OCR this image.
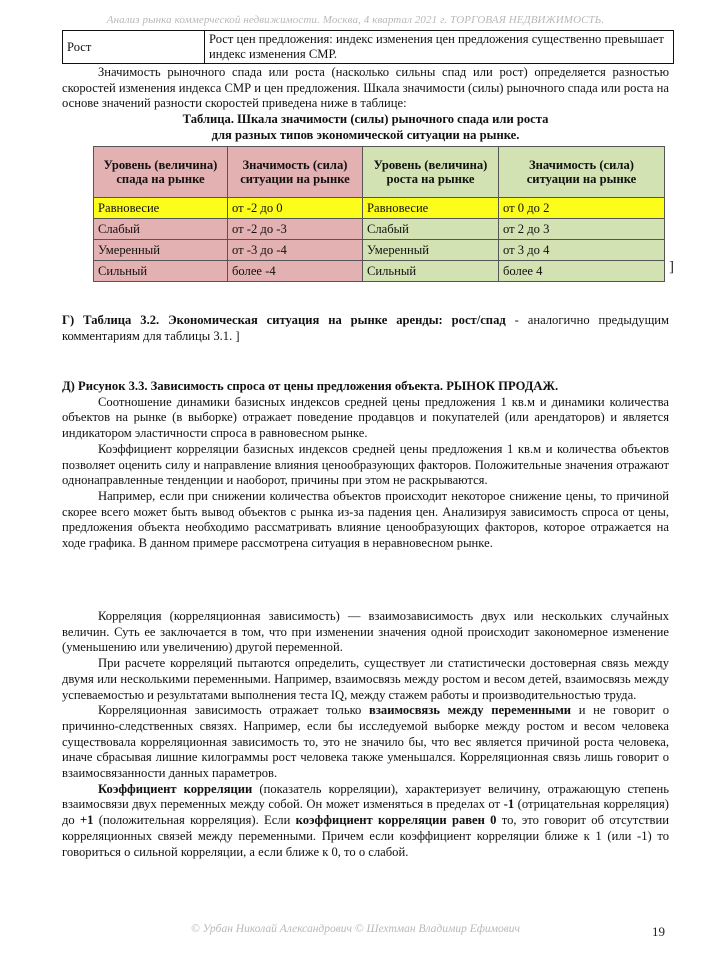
Анализ рынка коммерческой недвижимости. Москва, 4 квартал 2021 г. ТОРГОВАЯ НЕДВИЖИМОСТЬ.
Рост	Рост цен предложения: индекс изменения цен предложения существенно превышает индекс изменения СМР.

Значимость рыночного спада или роста (насколько сильны спад или рост) определяется разностью скоростей изменения индекса СМР и цен предложения. Шкала значимости (силы) рыночного спада или роста на основе значений разности скоростей приведена ниже в таблице:

Таблица. Шкала значимости (силы) рыночного спада или роста

для разных типов экономической ситуации на рынке.

Уровень (величина) спада на рынке	Значимость (сила) ситуации на рынке	Уровень (величина) роста на рынке	Значимость (сила) ситуации на рынке
Равновесие	от -2 до 0	Равновесие	от 0 до 2
Слабый	от -2 до -3	Слабый	от 2 до 3
Умеренный	от -3 до -4	Умеренный	от 3 до 4
Сильный	более -4	Сильный	более 4	]

Г) Таблица 3.2. Экономическая ситуация на рынке аренды: рост/спад - аналогично предыдущим комментариям для таблицы 3.1. ]

Д) Рисунок 3.3. Зависимость спроса от цены предложения объекта. РЫНОК ПРОДАЖ.

Соотношение динамики базисных индексов средней цены предложения 1 кв.м и динамики количества объектов на рынке (в выборке) отражает поведение продавцов и покупателей (или арендаторов) и является индикатором эластичности спроса в равновесном рынке.

Коэффициент корреляции базисных индексов средней цены предложения 1 кв.м и количества объектов позволяет оценить силу и направление влияния ценообразующих факторов. Положительные значения отражают однонаправленные тенденции и наоборот, причины при этом не раскрываются.

Например, если при снижении количества объектов происходит некоторое снижение цены, то причиной скорее всего может быть вывод объектов с рынка из-за падения цен. Анализируя зависимость спроса от цены, предложения объекта необходимо рассматривать влияние ценообразующих факторов, которое отражается на ходе графика. В данном примере рассмотрена ситуация в неравновесном рынке.

Корреляция (корреляционная зависимость) — взаимозависимость двух или нескольких случайных величин. Суть ее заключается в том, что при изменении значения одной происходит закономерное изменение (уменьшению или увеличению) другой переменной.

При расчете корреляций пытаются определить, существует ли статистически достоверная связь между двумя или несколькими переменными. Например, взаимосвязь между ростом и весом детей, взаимосвязь между успеваемостью и результатами выполнения теста IQ, между стажем работы и производительностью труда.

Корреляционная зависимость отражает только взаимосвязь между переменными и не говорит о причинно-следственных связях. Например, если бы исследуемой выборке между ростом и весом человека существовала корреляционная зависимость то, это не значило бы, что вес является причиной роста человека, иначе сбрасывая лишние килограммы рост человека также уменьшался. Корреляционная связь лишь говорит о взаимосвязанности данных параметров.

Коэффициент корреляции (показатель корреляции), характеризует величину, отражающую степень взаимосвязи двух переменных между собой. Он может изменяться в пределах от -1 (отрицательная корреляция) до +1 (положительная корреляция). Если коэффициент корреляции равен 0 то, это говорит об отсутствии корреляционных связей между переменными. Причем если коэффициент корреляции ближе к 1 (или -1) то говориться о сильной корреляции, а если ближе к 0, то о слабой.

© Урбан Николай Александрович © Шехтман Владимир Ефимович	19
